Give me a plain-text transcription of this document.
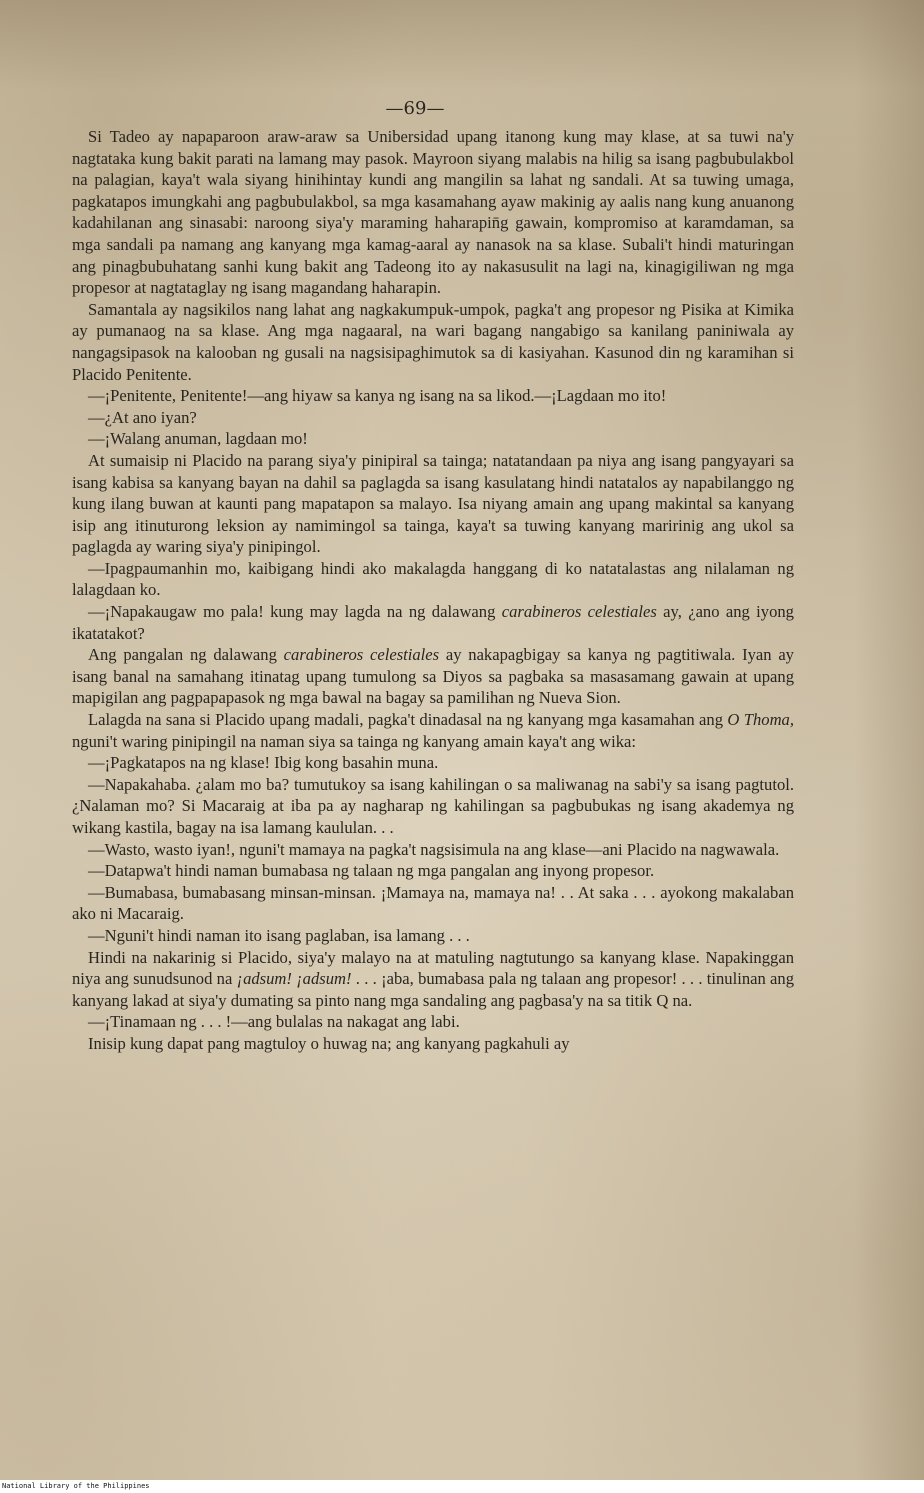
—69—

Si Tadeo ay napaparoon araw-araw sa Unibersidad upang itanong kung may klase, at sa tuwi na'y nagtataka kung bakit parati na lamang may pasok. Mayroon siyang malabis na hilig sa isang pagbubulakbol na palagian, kaya't wala siyang hinihintay kundi ang mangilin sa lahat ng sandali. At sa tuwing umaga, pagkatapos imungkahi ang pagbubulakbol, sa mga kasamahang ayaw makinig ay aalis nang kung anuanong kadahilanan ang sinasabi: naroong siya'y maraming haharapin̄g gawain, kompromiso at karamdaman, sa mga sandali pa namang ang kanyang mga kamag-aaral ay nanasok na sa klase. Subali't hindi maturingan ang pinagbubuhatang sanhi kung bakit ang Tadeong ito ay nakasusulit na lagi na, kinagigiliwan ng mga propesor at nagtataglay ng isang magandang haharapin.

Samantala ay nagsikilos nang lahat ang nagkakumpuk-umpok, pagka't ang propesor ng Pisika at Kimika ay pumanaog na sa klase. Ang mga nagaaral, na wari bagang nangabigo sa kanilang paniniwala ay nangagsipasok na kalooban ng gusali na nagsisipaghimutok sa di kasiyahan. Kasunod din ng karamihan si Placido Penitente.

—¡Penitente, Penitente!—ang hiyaw sa kanya ng isang na sa likod.—¡Lagdaan mo ito!

—¿At ano iyan?

—¡Walang anuman, lagdaan mo!

At sumaisip ni Placido na parang siya'y pinipiral sa tainga; natatandaan pa niya ang isang pangyayari sa isang kabisa sa kanyang bayan na dahil sa paglagda sa isang kasulatang hindi natatalos ay napabilanggo ng kung ilang buwan at kaunti pang mapatapon sa malayo. Isa niyang amain ang upang makintal sa kanyang isip ang itinuturong leksion ay namimingol sa tainga, kaya't sa tuwing kanyang maririnig ang ukol sa paglagda ay waring siya'y pinipingol.

—Ipagpaumanhin mo, kaibigang hindi ako makalagda hanggang di ko natatalastas ang nilalaman ng lalagdaan ko.

—¡Napakaugaw mo pala! kung may lagda na ng dalawang carabineros celestiales ay, ¿ano ang iyong ikatatakot?

Ang pangalan ng dalawang carabineros celestiales ay nakapagbigay sa kanya ng pagtitiwala. Iyan ay isang banal na samahang itinatag upang tumulong sa Diyos sa pagbaka sa masasamang gawain at upang mapigilan ang pagpapapasok ng mga bawal na bagay sa pamilihan ng Nueva Sion.

Lalagda na sana si Placido upang madali, pagka't dinadasal na ng kanyang mga kasamahan ang O Thoma, nguni't waring pinipingil na naman siya sa tainga ng kanyang amain kaya't ang wika:

—¡Pagkatapos na ng klase! Ibig kong basahin muna.

—Napakahaba. ¿alam mo ba? tumutukoy sa isang kahilingan o sa maliwanag na sabi'y sa isang pagtutol. ¿Nalaman mo? Si Macaraig at iba pa ay nagharap ng kahilingan sa pagbubukas ng isang akademya ng wikang kastila, bagay na isa lamang kaululan. . .

—Wasto, wasto iyan!, nguni't mamaya na pagka't nagsisimula na ang klase—ani Placido na nagwawala.

—Datapwa't hindi naman bumabasa ng talaan ng mga pangalan ang inyong propesor.

—Bumabasa, bumabasang minsan-minsan. ¡Mamaya na, mamaya na! . . At saka . . . ayokong makalaban ako ni Macaraig.

—Nguni't hindi naman ito isang paglaban, isa lamang . . .

Hindi na nakarinig si Placido, siya'y malayo na at matuling nagtutungo sa kanyang klase. Napakinggan niya ang sunudsunod na ¡adsum! ¡adsum! . . . ¡aba, bumabasa pala ng talaan ang propesor! . . . tinulinan ang kanyang lakad at siya'y dumating sa pinto nang mga sandaling ang pagbasa'y na sa titik Q na.

—¡Tinamaan ng . . . !—ang bulalas na nakagat ang labi.

Inisip kung dapat pang magtuloy o huwag na; ang kanyang pagkahuli ay

National Library of the Philippines
